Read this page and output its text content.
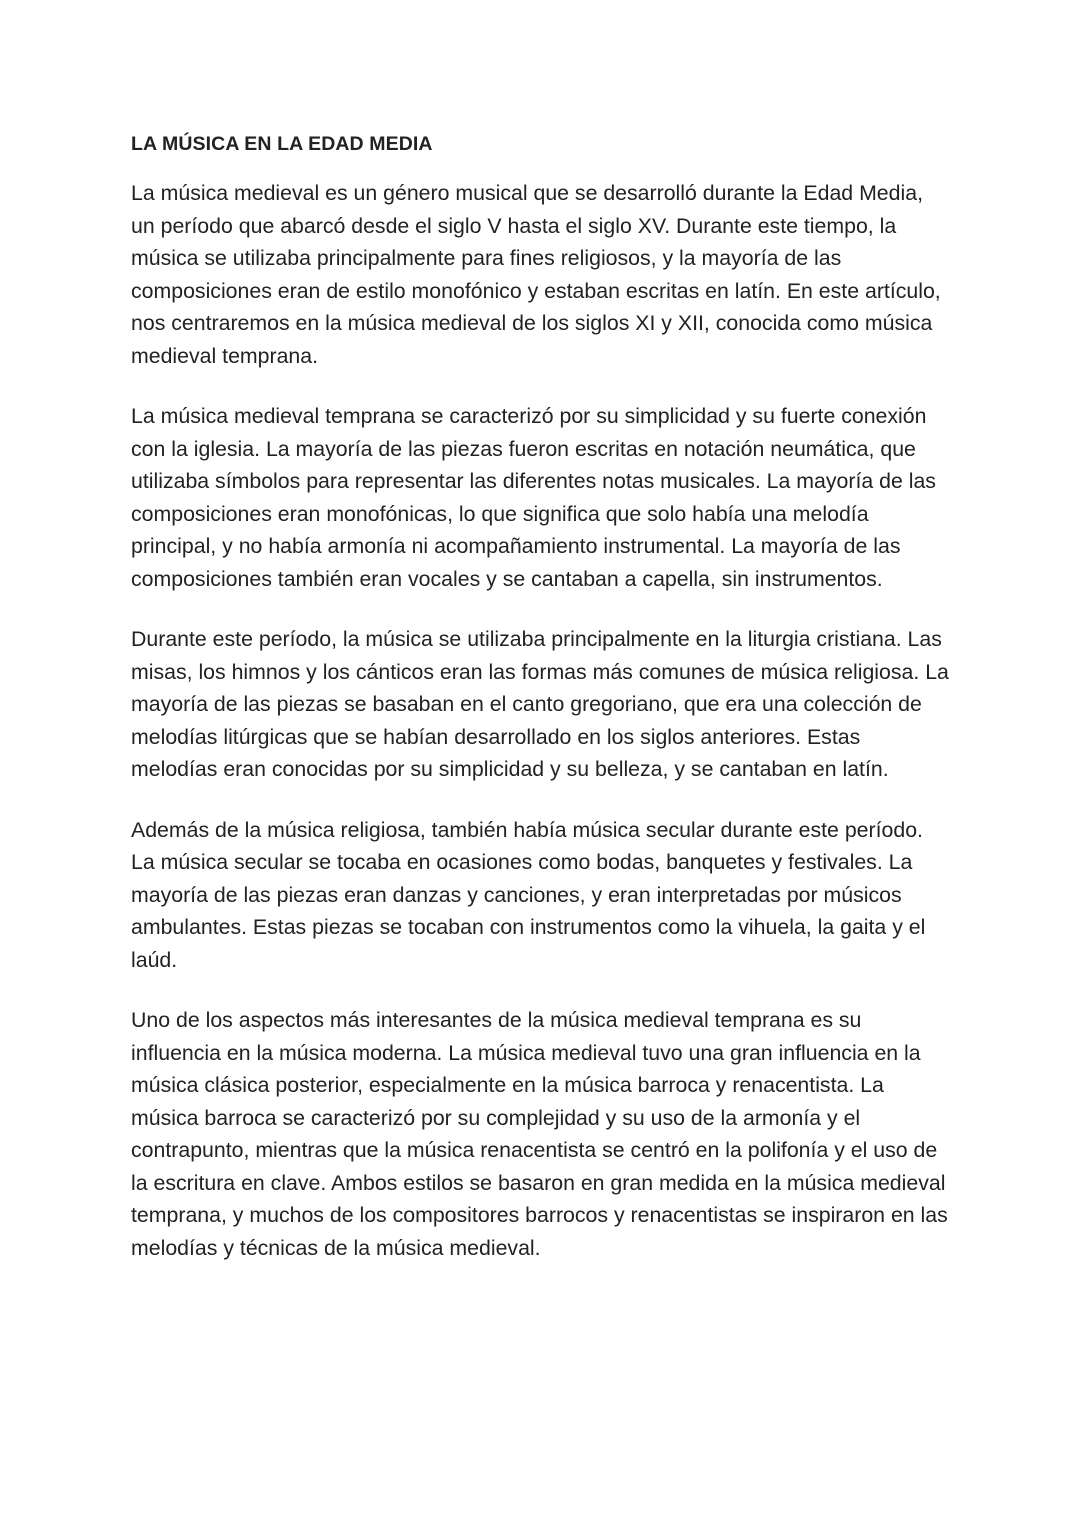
LA MÚSICA EN LA EDAD MEDIA

La música medieval es un género musical que se desarrolló durante la Edad Media, un período que abarcó desde el siglo V hasta el siglo XV. Durante este tiempo, la música se utilizaba principalmente para fines religiosos, y la mayoría de las composiciones eran de estilo monofónico y estaban escritas en latín. En este artículo, nos centraremos en la música medieval de los siglos XI y XII, conocida como música medieval temprana.

La música medieval temprana se caracterizó por su simplicidad y su fuerte conexión con la iglesia. La mayoría de las piezas fueron escritas en notación neumática, que utilizaba símbolos para representar las diferentes notas musicales. La mayoría de las composiciones eran monofónicas, lo que significa que solo había una melodía principal, y no había armonía ni acompañamiento instrumental. La mayoría de las composiciones también eran vocales y se cantaban a capella, sin instrumentos.

Durante este período, la música se utilizaba principalmente en la liturgia cristiana. Las misas, los himnos y los cánticos eran las formas más comunes de música religiosa. La mayoría de las piezas se basaban en el canto gregoriano, que era una colección de melodías litúrgicas que se habían desarrollado en los siglos anteriores. Estas melodías eran conocidas por su simplicidad y su belleza, y se cantaban en latín.

Además de la música religiosa, también había música secular durante este período. La música secular se tocaba en ocasiones como bodas, banquetes y festivales. La mayoría de las piezas eran danzas y canciones, y eran interpretadas por músicos ambulantes. Estas piezas se tocaban con instrumentos como la vihuela, la gaita y el laúd.

Uno de los aspectos más interesantes de la música medieval temprana es su influencia en la música moderna. La música medieval tuvo una gran influencia en la música clásica posterior, especialmente en la música barroca y renacentista. La música barroca se caracterizó por su complejidad y su uso de la armonía y el contrapunto, mientras que la música renacentista se centró en la polifonía y el uso de la escritura en clave. Ambos estilos se basaron en gran medida en la música medieval temprana, y muchos de los compositores barrocos y renacentistas se inspiraron en las melodías y técnicas de la música medieval.
